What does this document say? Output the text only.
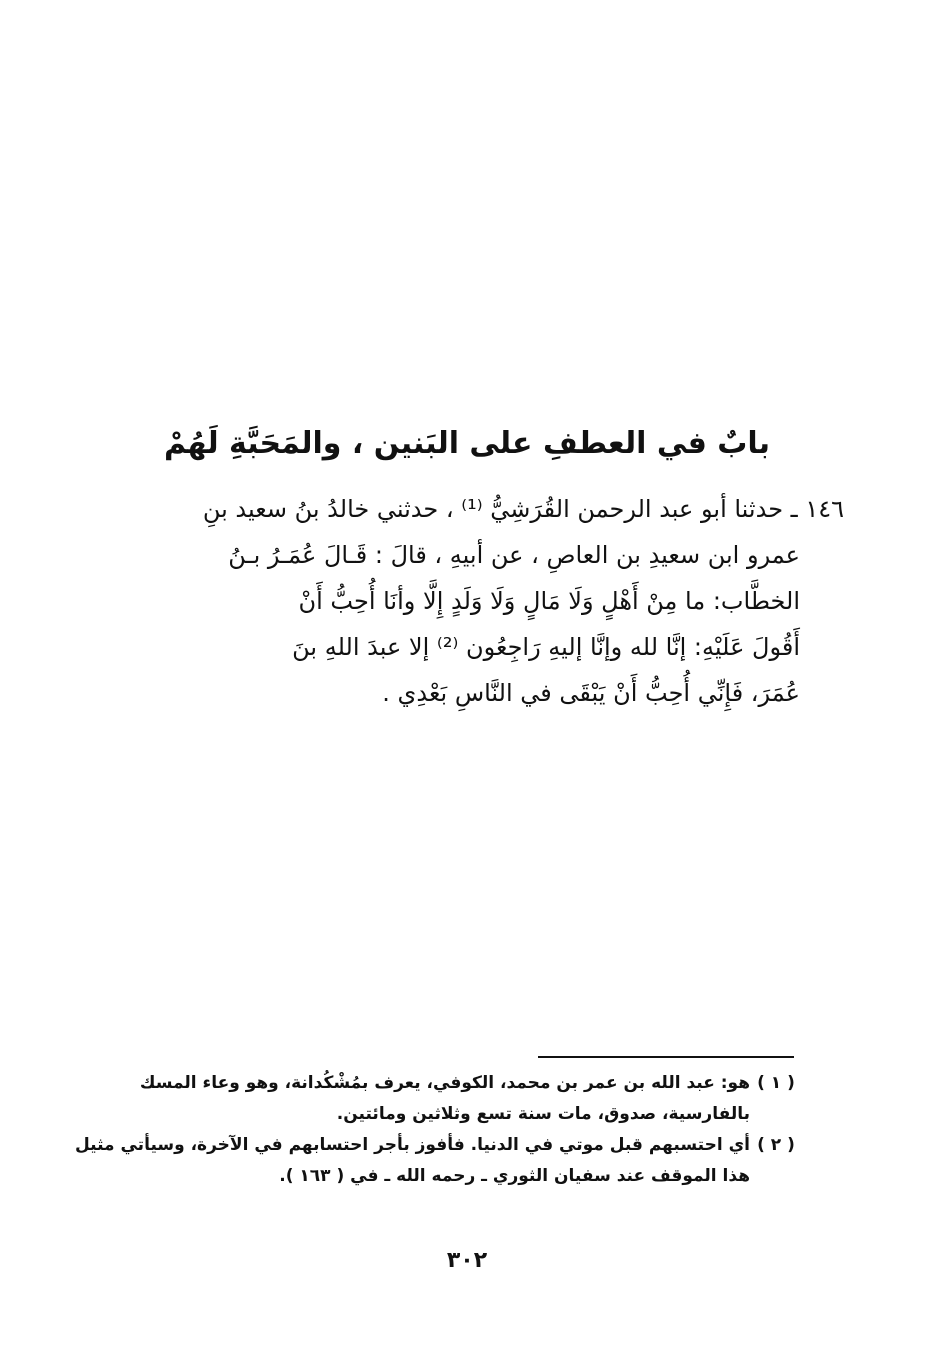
بابٌ في العطفِ على البَنين ، والمَحَبَّةِ لَهُمْ
١٤٦ ـ حدثنا أبو عبد الرحمن القُرَشِيُّ ⁽¹⁾ ، حدثني خالدُ بنُ سعيد بنِ
عمرو ابن سعيدِ بن العاصِ ، عن أبيهِ ، قالَ : قَـالَ عُمَـرُ بـنُ
الخطَّاب: ما مِنْ أَهْلٍ وَلَا مَالٍ وَلَا وَلَدٍ إِلَّا وأنَا أُحِبُّ أَنْ
أَقُولَ عَلَيْهِ: إنَّا لله وإنَّا إليهِ رَاجِعُون ⁽²⁾ إلا عبدَ اللهِ بنَ
عُمَرَ، فَإِنِّي أُحِبُّ أَنْ يَبْقَى في النَّاسِ بَعْدِي .
( ١ )هو: عبد الله بن عمر بن محمد، الكوفي، يعرف بمُشْكُدانة، وهو وعاء المسك
بالفارسية، صدوق، مات سنة تسع وثلاثين ومائتين.
( ٢ )أي احتسبهم قبل موتي في الدنيا. فأفوز بأجر احتسابهم في الآخرة، وسيأتي مثيل
هذا الموقف عند سفيان الثوري ـ رحمه الله ـ في ( ١٦٣ ).
٣٠٢
